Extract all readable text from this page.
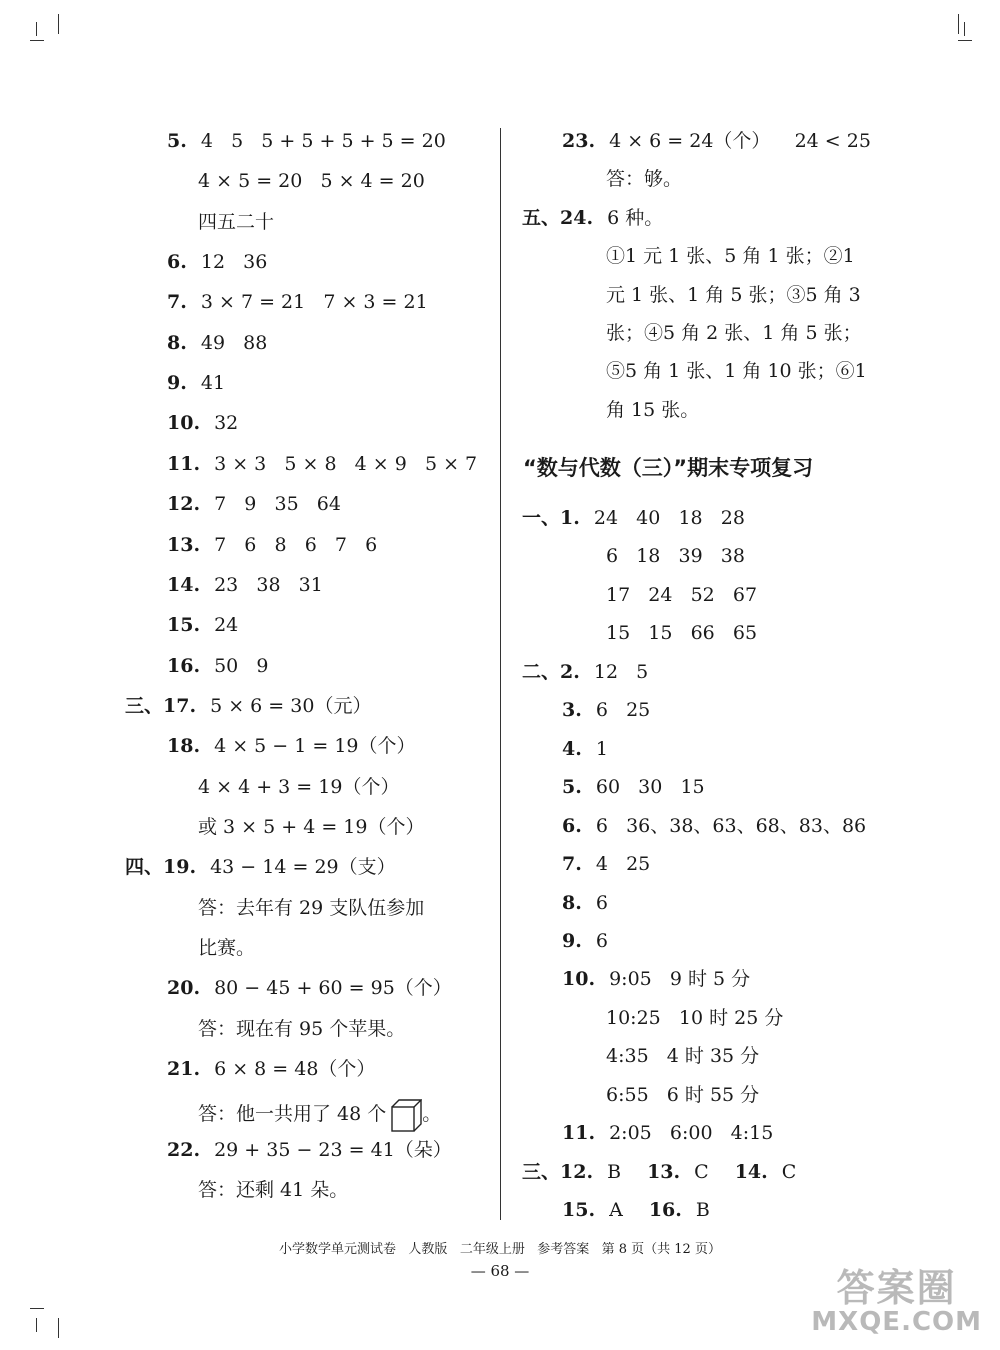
5. 4   5   5 + 5 + 5 + 5 = 20
4 × 5 = 20   5 × 4 = 20
四五二十
6. 12   36
7. 3 × 7 = 21   7 × 3 = 21
8. 49   88
9. 41
10. 32
11. 3 × 3   5 × 8   4 × 9   5 × 7
12. 7   9   35   64
13. 7   6   8   6   7   6
14. 23   38   31
15. 24
16. 50   9
三、17. 5 × 6 = 30（元）
18. 4 × 5 − 1 = 19（个）
4 × 4 + 3 = 19（个）
或 3 × 5 + 4 = 19（个）
四、19. 43 − 14 = 29（支）
答：去年有 29 支队伍参加
比赛。
20. 80 − 45 + 60 = 95（个）
答：现在有 95 个苹果。
21. 6 × 8 = 48（个）
答：他一共用了 48 个 。
22. 29 + 35 − 23 = 41（朵）
答：还剩 41 朵。
23. 4 × 6 = 24（个）    24 < 25
答：够。
五、24. 6 种。
①1 元 1 张、5 角 1 张；②1
元 1 张、1 角 5 张；③5 角 3
张；④5 角 2 张、1 角 5 张；
⑤5 角 1 张、1 角 10 张；⑥1
角 15 张。
“数与代数（三）”期末专项复习
一、1. 24   40   18   28
6   18   39   38
17   24   52   67
15   15   66   65
二、2. 12   5
3. 6   25
4. 1
5. 60   30   15
6. 6   36、38、63、68、83、86
7. 4   25
8. 6
9. 6
10. 9:05   9 时 5 分
10:25   10 时 25 分
4:35   4 时 35 分
6:55   6 时 55 分
11. 2:05   6:00   4:15
三、12. B 13. C 14. C
15. A 16. B
小学数学单元测试卷   人教版   二年级上册   参考答案   第 8 页（共 12 页）
— 68 —	答案圈
MXQE.COM
